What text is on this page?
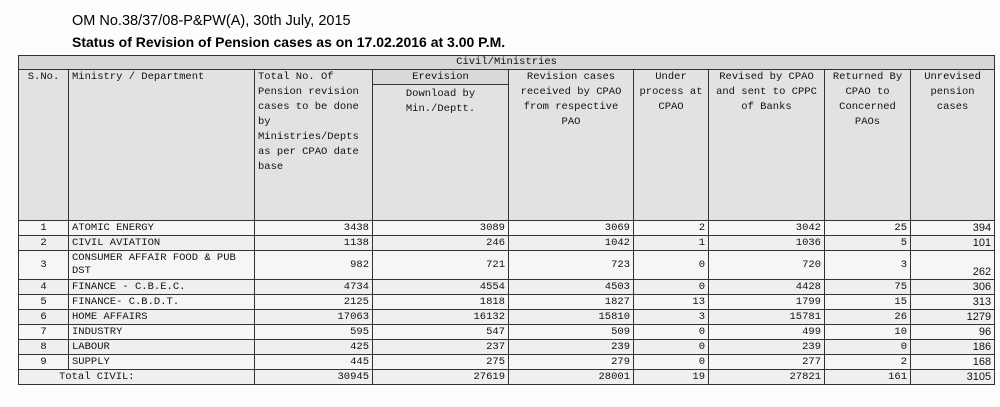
OM No.38/37/08-P&PW(A), 30th July, 2015
Status of Revision of Pension cases as on 17.02.2016 at 3.00 P.M.
Civil/Ministries								
S.No.	Ministry / Department	Total No. Of Pension revision cases to be done by Ministries/Depts as per CPAO date base	Erevision
Download by Min./Deptt.	Revision cases received by CPAO from respective PAO	Under process at CPAO	Revised by CPAO and sent to CPPC of Banks	Returned By CPAO to Concerned PAOs	Unrevised pension cases
1	ATOMIC ENERGY	3438	3089	3069	2	3042	25	394
2	CIVIL AVIATION	1138	246	1042	1	1036	5	101
3	CONSUMER AFFAIR FOOD & PUB DST	982	721	723	0	720	3	262
4	FINANCE - C.B.E.C.	4734	4554	4503	0	4428	75	306
5	FINANCE- C.B.D.T.	2125	1818	1827	13	1799	15	313
6	HOME AFFAIRS	17063	16132	15810	3	15781	26	1279
7	INDUSTRY	595	547	509	0	499	10	96
8	LABOUR	425	237	239	0	239	0	186
9	SUPPLY	445	275	279	0	277	2	168
Total CIVIL:		30945	27619	28001	19	27821	161	3105
